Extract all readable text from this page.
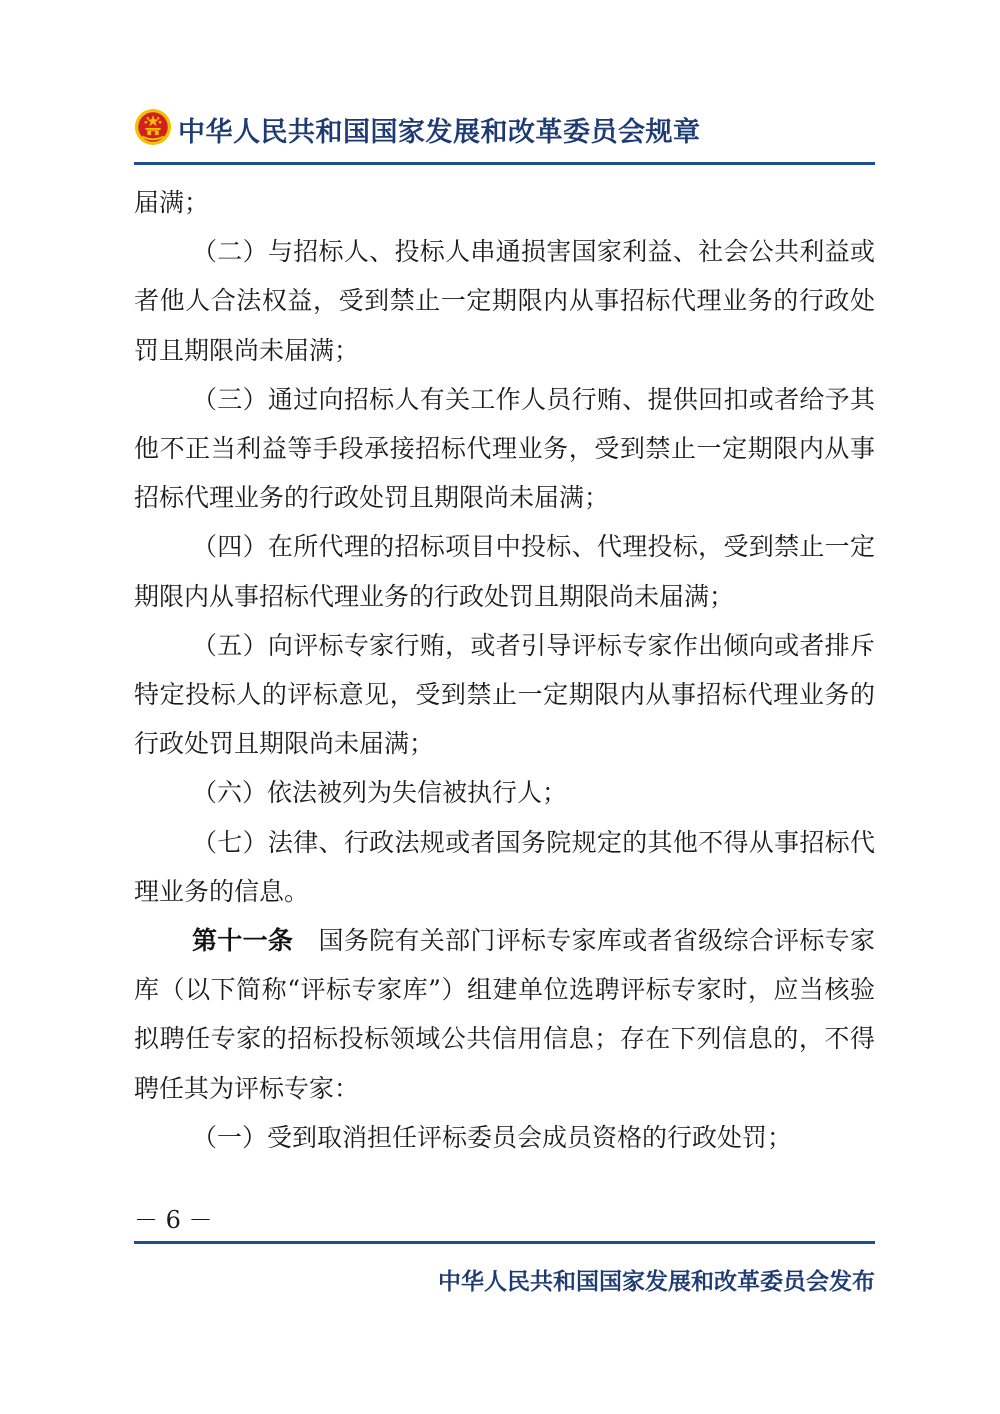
中华人民共和国国家发展和改革委员会规章

届满；

（二）与招标人、投标人串通损害国家利益、社会公共利益或者他人合法权益，受到禁止一定期限内从事招标代理业务的行政处罚且期限尚未届满；

（三）通过向招标人有关工作人员行贿、提供回扣或者给予其他不正当利益等手段承接招标代理业务，受到禁止一定期限内从事招标代理业务的行政处罚且期限尚未届满；

（四）在所代理的招标项目中投标、代理投标，受到禁止一定期限内从事招标代理业务的行政处罚且期限尚未届满；

（五）向评标专家行贿，或者引导评标专家作出倾向或者排斥特定投标人的评标意见，受到禁止一定期限内从事招标代理业务的行政处罚且期限尚未届满；

（六）依法被列为失信被执行人；

（七）法律、行政法规或者国务院规定的其他不得从事招标代理业务的信息。

第十一条　 国务院有关部门评标专家库或者省级综合评标专家库（以下简称“评标专家库”）组建单位选聘评标专家时，应当核验拟聘任专家的招标投标领域公共信用信息；存在下列信息的，不得聘任其为评标专家：

（一）受到取消担任评标委员会成员资格的行政处罚；

－ 6 －
中华人民共和国国家发展和改革委员会发布
